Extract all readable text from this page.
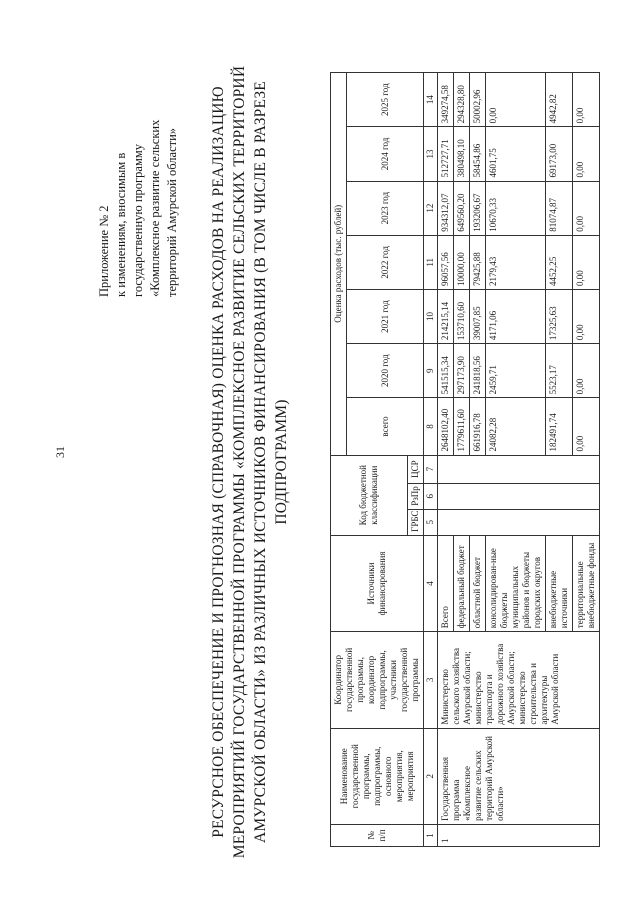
31
Приложение № 2 к изменениям, вносимым в государственную программу «Комплексное развитие сельских территорий Амурской области» РЕСУРСНОЕ ОБЕСПЕЧЕНИЕ И ПРОГНОЗНАЯ (СПРАВОЧНАЯ) ОЦЕНКА РАСХОДОВ НА РЕАЛИЗАЦИЮ МЕРОПРИЯТИЙ ГОСУДАРСТВЕННОЙ ПРОГРАММЫ «КОМПЛЕКСНОЕ РАЗВИТИЕ СЕЛЬСКИХ ТЕРРИТОРИЙ АМУРСКОЙ ОБЛАСТИ» ИЗ РАЗЛИЧНЫХ ИСТОЧНИКОВ ФИНАНСИРОВАНИЯ (В ТОМ ЧИСЛЕ В РАЗРЕЗЕ ПОДПРОГРАММ)
№ п/п	Наименование государственной программы, подпрограммы, основного мероприятия, мероприятия	Координатор государственной программы, координатор подпрограммы, участники государственной программы	Источники финансирования	Код бюджетной классификации			Оценка расходов (тыс. рублей)						
							всего	2020 год	2021 год	2022 год	2023 год	2024 год	2025 год
				ГРБС	РзПр	ЦСР							
1	2	3	4	5	6	7	8	9	10	11	12	13	14
1	Государственная программа «Комплексное развитие сельских территорий Амурской области»	Министерство сельского хозяйства Амурской области; министерство транспорта и дорожного хозяйства Амурской области; министерство строительства и архитектуры Амурской области	Всего				2648102,40	541515,34	214215,14	96057,56	934312,07	512727,71	349274,58
			федеральный бюджет				1779611,60	297173,90	153710,60	10000,00	649560,20	380498,10	294328,80
			областной бюджет				661916,78	241818,56	39007,85	79425,88	193206,67	58454,86	50002,96
			консолидирован-ные бюджеты муниципальных районов и бюджеты городских округов				24082,28	2459,71	4171,06	2179,43	10670,33	4601,75	0,00
			внебюджетные источники				182491,74	5523,17	17325,63	4452,25	81074,87	69173,00	4942,82
			территориальные внебюджетные фонды				0,00	0,00	0,00	0,00	0,00	0,00	0,00
